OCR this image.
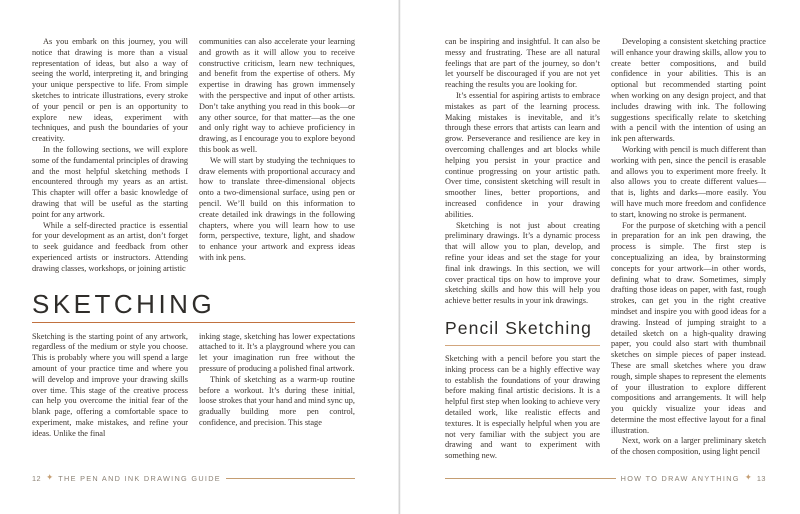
As you embark on this journey, you will notice that drawing is more than a visual representation of ideas, but also a way of seeing the world, interpreting it, and bringing your unique perspective to life. From simple sketches to intricate illustrations, every stroke of your pencil or pen is an opportunity to explore new ideas, experiment with techniques, and push the boundaries of your creativity.

In the following sections, we will explore some of the fundamental principles of drawing and the most helpful sketching methods I encountered through my years as an artist. This chapter will offer a basic knowledge of drawing that will be useful as the starting point for any artwork.

While a self-directed practice is essential for your development as an artist, don’t forget to seek guidance and feedback from other experienced artists or instructors. Attending drawing classes, workshops, or joining artistic

communities can also accelerate your learning and growth as it will allow you to receive constructive criticism, learn new techniques, and benefit from the expertise of others. My expertise in drawing has grown immensely with the perspective and input of other artists. Don’t take anything you read in this book—or any other source, for that matter—as the one and only right way to achieve proficiency in drawing, as I encourage you to explore beyond this book as well.

We will start by studying the techniques to draw elements with proportional accuracy and how to translate three-dimensional objects onto a two-dimensional surface, using pen or pencil. We’ll build on this information to create detailed ink drawings in the following chapters, where you will learn how to use form, perspective, texture, light, and shadow to enhance your artwork and express ideas with ink pens.

SKETCHING

Sketching is the starting point of any artwork, regardless of the medium or style you choose. This is probably where you will spend a large amount of your practice time and where you will develop and improve your drawing skills over time. This stage of the creative process can help you overcome the initial fear of the blank page, offering a comfortable space to experiment, make mistakes, and refine your ideas. Unlike the final

inking stage, sketching has lower expectations attached to it. It’s a playground where you can let your imagination run free without the pressure of producing a polished final artwork.

Think of sketching as a warm-up routine before a workout. It’s during these initial, loose strokes that your hand and mind sync up, gradually building more pen control, confidence, and precision. This stage

12 ✦ THE PEN AND INK DRAWING GUIDE

can be inspiring and insightful. It can also be messy and frustrating. These are all natural feelings that are part of the journey, so don’t let yourself be discouraged if you are not yet reaching the results you are looking for.

It’s essential for aspiring artists to embrace mistakes as part of the learning process. Making mistakes is inevitable, and it’s through these errors that artists can learn and grow. Perseverance and resilience are key in overcoming challenges and art blocks while helping you persist in your practice and continue progressing on your artistic path. Over time, consistent sketching will result in smoother lines, better proportions, and increased confidence in your drawing abilities.

Sketching is not just about creating preliminary drawings. It’s a dynamic process that will allow you to plan, develop, and refine your ideas and set the stage for your final ink drawings. In this section, we will cover practical tips on how to improve your sketching skills and how this will help you achieve better results in your ink drawings.

Pencil Sketching

Sketching with a pencil before you start the inking process can be a highly effective way to establish the foundations of your drawing before making final artistic decisions. It is a helpful first step when looking to achieve very detailed work, like realistic effects and textures. It is especially helpful when you are not very familiar with the subject you are drawing and want to experiment with something new.

Developing a consistent sketching practice will enhance your drawing skills, allow you to create better compositions, and build confidence in your abilities. This is an optional but recommended starting point when working on any design project, and that includes drawing with ink. The following suggestions specifically relate to sketching with a pencil with the intention of using an ink pen afterwards.

Working with pencil is much different than working with pen, since the pencil is erasable and allows you to experiment more freely. It also allows you to create different values—that is, lights and darks—more easily. You will have much more freedom and confidence to start, knowing no stroke is permanent.

For the purpose of sketching with a pencil in preparation for an ink pen drawing, the process is simple. The first step is conceptualizing an idea, by brainstorming concepts for your artwork—in other words, defining what to draw. Sometimes, simply drafting those ideas on paper, with fast, rough strokes, can get you in the right creative mindset and inspire you with good ideas for a drawing. Instead of jumping straight to a detailed sketch on a high-quality drawing paper, you could also start with thumbnail sketches on simple pieces of paper instead. These are small sketches where you draw rough, simple shapes to represent the elements of your illustration to explore different compositions and arrangements. It will help you quickly visualize your ideas and determine the most effective layout for a final illustration.

Next, work on a larger preliminary sketch of the chosen composition, using light pencil

HOW TO DRAW ANYTHING ✦ 13
